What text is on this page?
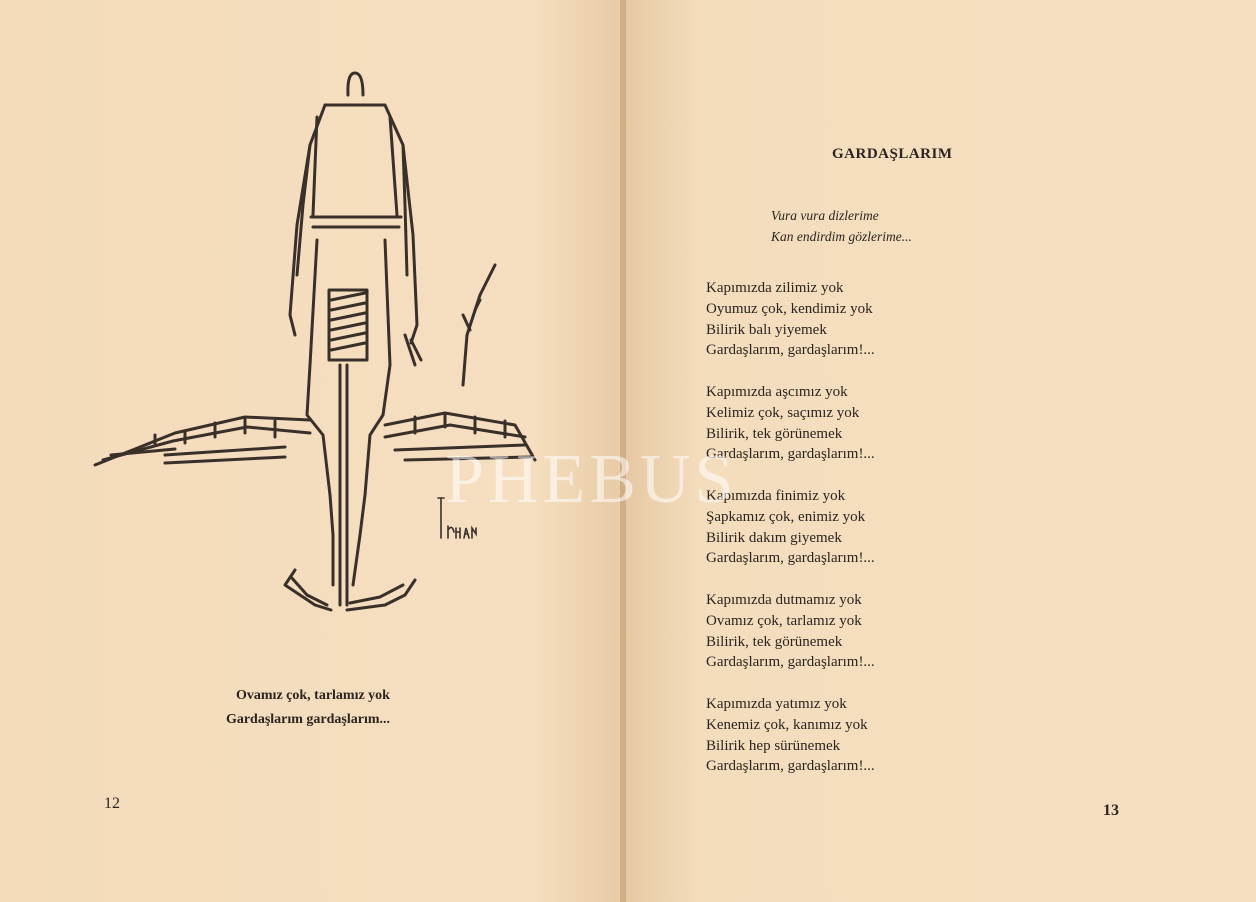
Ovamız çok, tarlamız yok
Gardaşlarım gardaşlarım...
12
GARDAŞLARIM
Vura vura dizlerime
Kan endirdim gözlerime...
Kapımızda zilimiz yok
Oyumuz çok, kendimiz yok
Bilirik balı yiyemek
Gardaşlarım, gardaşlarım!...
Kapımızda aşcımız yok
Kelimiz çok, saçımız yok
Bilirik, tek görünemek
Gardaşlarım, gardaşlarım!...
Kapımızda finimiz yok
Şapkamız çok, enimiz yok
Bilirik dakım giyemek
Gardaşlarım, gardaşlarım!...
Kapımızda dutmamız yok
Ovamız çok, tarlamız yok
Bilirik, tek görünemek
Gardaşlarım, gardaşlarım!...
Kapımızda yatımız yok
Kenemiz çok, kanımız yok
Bilirik hep sürünemek
Gardaşlarım, gardaşlarım!...
13
PHEBUS
